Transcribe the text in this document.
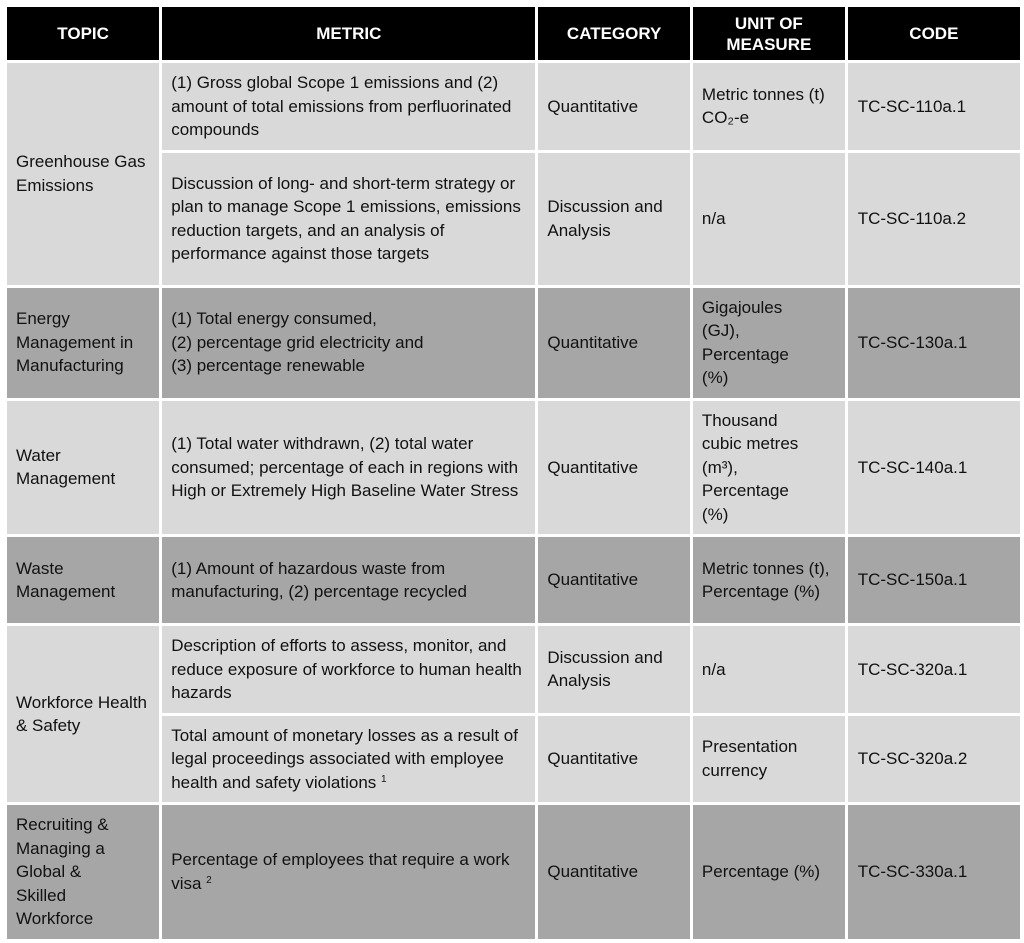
TOPIC	METRIC	CATEGORY	UNIT OF
MEASURE	CODE
Greenhouse Gas Emissions	(1) Gross global Scope 1 emissions and (2) amount of total emissions from perfluorinated compounds	Quantitative	Metric tonnes (t) CO₂-e	TC-SC-110a.1
	Discussion of long- and short-term strategy or plan to manage Scope 1 emissions, emissions reduction targets, and an analysis of performance against those targets	Discussion and Analysis	n/a	TC-SC-110a.2
Energy Management in Manufacturing	(1) Total energy consumed,
(2) percentage grid electricity and
(3) percentage renewable	Quantitative	Gigajoules
(GJ),
Percentage
(%)	TC-SC-130a.1
Water Management	(1) Total water withdrawn, (2) total water consumed; percentage of each in regions with High or Extremely High Baseline Water Stress	Quantitative	Thousand
cubic metres
(m³),
Percentage
(%)	TC-SC-140a.1
Waste Management	(1) Amount of hazardous waste from manufacturing, (2) percentage recycled	Quantitative	Metric tonnes (t), Percentage (%)	TC-SC-150a.1
Workforce Health & Safety	Description of efforts to assess, monitor, and reduce exposure of workforce to human health hazards	Discussion and Analysis	n/a	TC-SC-320a.1
	Total amount of monetary losses as a result of legal proceedings associated with employee health and safety violations $^1$	Quantitative	Presentation currency	TC-SC-320a.2
Recruiting &
Managing a
Global &
Skilled
Workforce	Percentage of employees that require a work visa $^2$	Quantitative	Percentage (%)	TC-SC-330a.1
